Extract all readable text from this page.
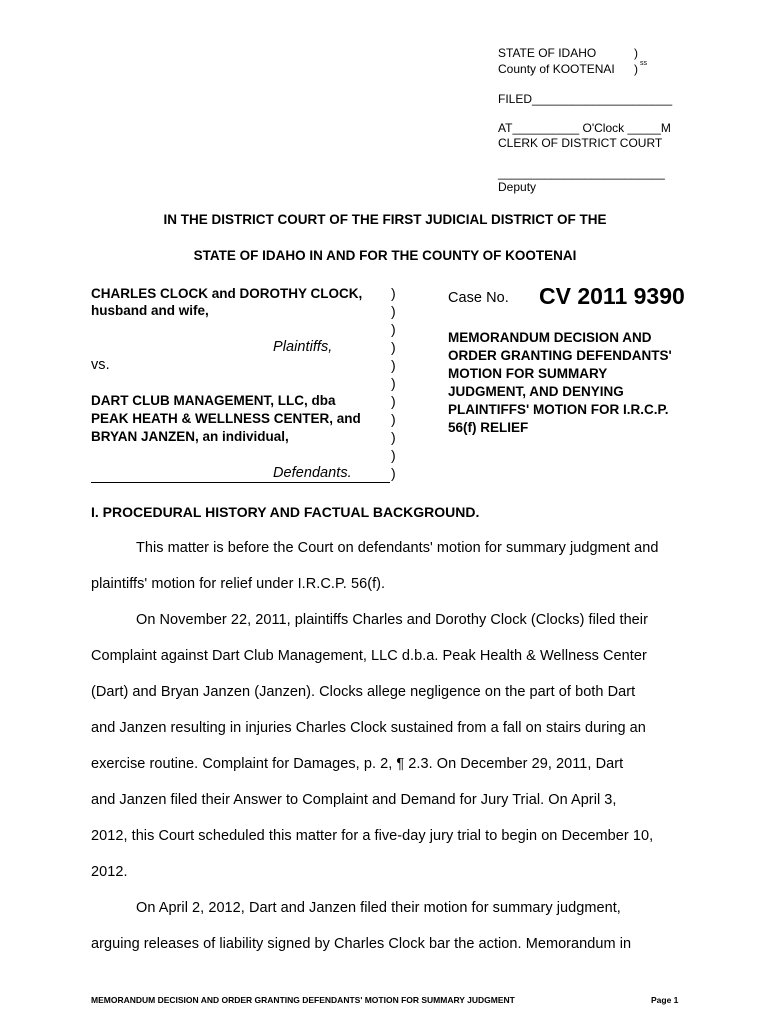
STATE OF IDAHO	)
County of KOOTENAI ) ss
FILED_____________________
AT__________ O'Clock _____M
CLERK OF DISTRICT COURT
_________________________
Deputy
IN THE DISTRICT COURT OF THE FIRST JUDICIAL DISTRICT OF THE
STATE OF IDAHO IN AND FOR THE COUNTY OF KOOTENAI
CHARLES CLOCK and DOROTHY CLOCK,
husband and wife,
Plaintiffs,
vs.
DART CLUB MANAGEMENT, LLC, dba
PEAK HEATH & WELLNESS CENTER, and
BRYAN JANZEN, an individual,
Defendants.
)
)
)
)
)
)
)
)
)
)
)
Case No. CV 2011 9390
MEMORANDUM DECISION AND
ORDER GRANTING DEFENDANTS'
MOTION FOR SUMMARY
JUDGMENT, AND DENYING
PLAINTIFFS' MOTION FOR I.R.C.P.
56(f) RELIEF
I. PROCEDURAL HISTORY AND FACTUAL BACKGROUND.
This matter is before the Court on defendants' motion for summary judgment and
plaintiffs' motion for relief under I.R.C.P. 56(f).
On November 22, 2011, plaintiffs Charles and Dorothy Clock (Clocks) filed their
Complaint against Dart Club Management, LLC d.b.a. Peak Health & Wellness Center
(Dart) and Bryan Janzen (Janzen). Clocks allege negligence on the part of both Dart
and Janzen resulting in injuries Charles Clock sustained from a fall on stairs during an
exercise routine. Complaint for Damages, p. 2, ¶ 2.3. On December 29, 2011, Dart
and Janzen filed their Answer to Complaint and Demand for Jury Trial. On April 3,
2012, this Court scheduled this matter for a five-day jury trial to begin on December 10,
2012.
On April 2, 2012, Dart and Janzen filed their motion for summary judgment,
arguing releases of liability signed by Charles Clock bar the action. Memorandum in
MEMORANDUM DECISION AND ORDER GRANTING DEFENDANTS' MOTION FOR SUMMARY JUDGMENT	Page 1
